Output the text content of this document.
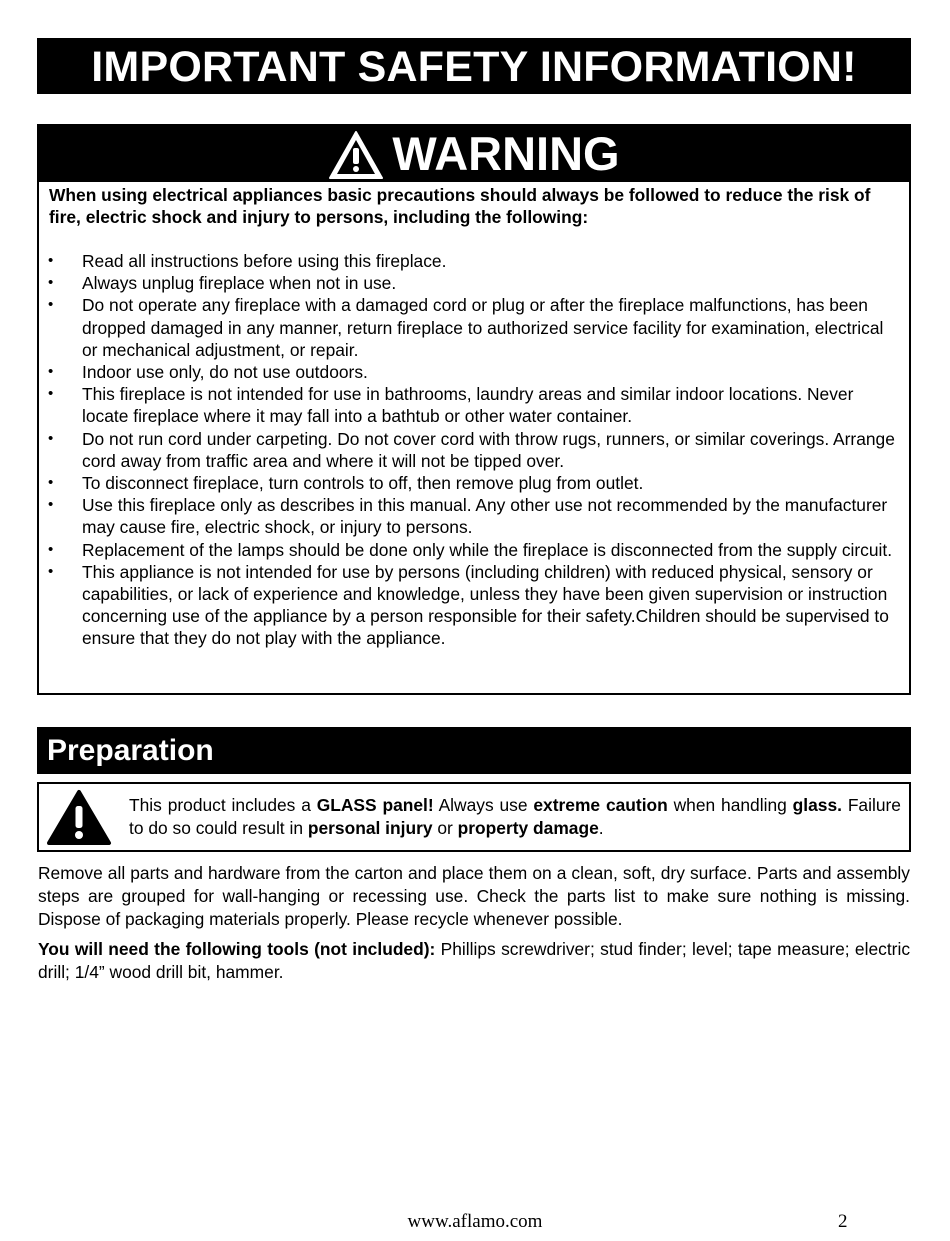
IMPORTANT SAFETY INFORMATION!
WARNING
When using electrical appliances basic precautions should always be followed to reduce the risk of fire, electric shock and injury to persons, including the following:
• Read all instructions before using this fireplace.
• Always unplug fireplace when not in use.
• Do not operate any fireplace with a damaged cord or plug or after the fireplace malfunctions, has been dropped damaged in any manner, return fireplace to authorized service facility for examination, electrical or mechanical adjustment, or repair.
• Indoor use only, do not use outdoors.
• This fireplace is not intended for use in bathrooms, laundry areas and similar indoor locations. Never locate fireplace where it may fall into a bathtub or other water container.
• Do not run cord under carpeting. Do not cover cord with throw rugs, runners, or similar coverings. Arrange cord away from traffic area and where it will not be tipped over.
• To disconnect fireplace, turn controls to off, then remove plug from outlet.
• Use this fireplace only as describes in this manual. Any other use not recommended by the manufacturer may cause fire, electric shock, or injury to persons.
• Replacement of the lamps should be done only while the fireplace is disconnected from the supply circuit.
• This appliance is not intended for use by persons (including children) with reduced physical, sensory or capabilities, or lack of experience and knowledge, unless they have been given supervision or instruction concerning use of the appliance by a person responsible for their safety.Children should be supervised to ensure that they do not play with the appliance.
Preparation
This product includes a GLASS panel! Always use extreme caution when handling glass. Failure to do so could result in personal injury or property damage.

Remove all parts and hardware from the carton and place them on a clean, soft, dry surface. Parts and assembly steps are grouped for wall-hanging or recessing use. Check the parts list to make sure nothing is missing. Dispose of packaging materials properly. Please recycle whenever possible.

You will need the following tools (not included): Phillips screwdriver; stud finder; level; tape measure; electric drill; 1/4” wood drill bit, hammer.

www.aflamo.com	2
